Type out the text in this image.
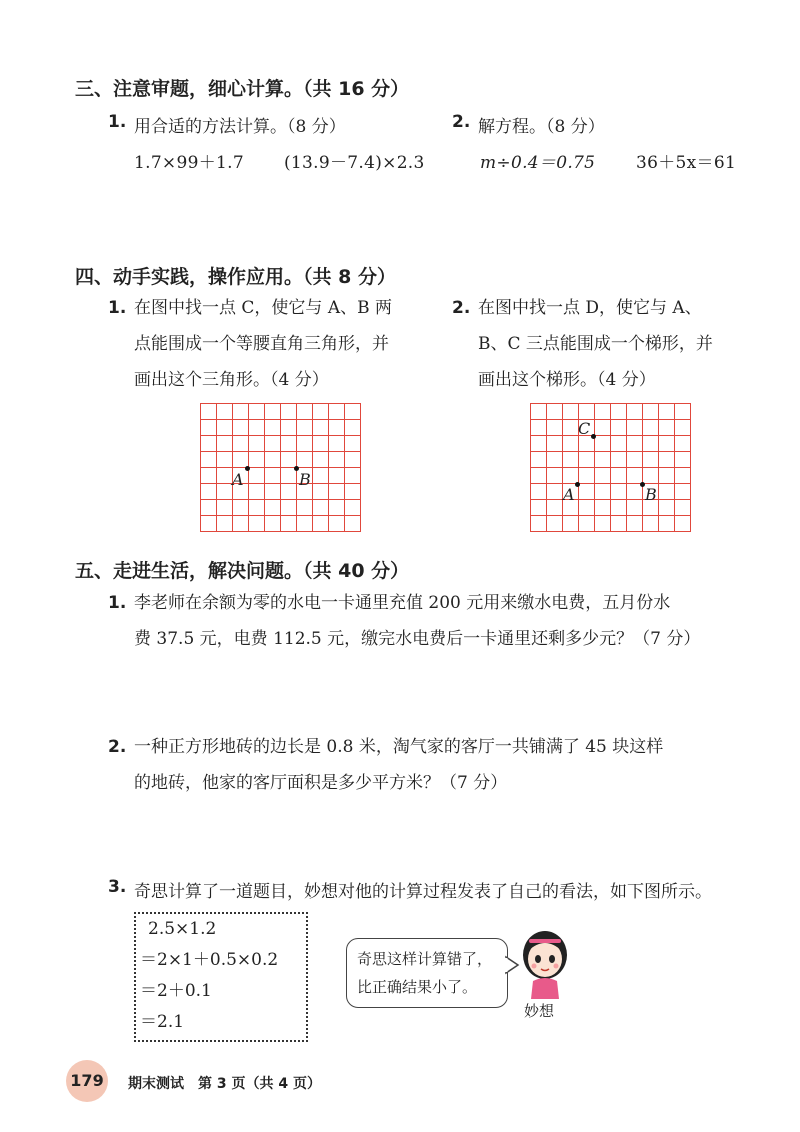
三、注意审题，细心计算。（共 16 分）
1. 用合适的方法计算。（8 分）	2. 解方程。（8 分）
1.7×99＋1.7 (13.9－7.4)×2.3	m÷0.4＝0.75 36＋5x＝61
四、动手实践，操作应用。（共 8 分）
1. 在图中找一点 C，使它与 A、B 两
点能围成一个等腰直角三角形，并
画出这个三角形。（4 分）
2. 在图中找一点 D，使它与 A、
B、C 三点能围成一个梯形，并
画出这个梯形。（4 分）
A	B
C
A	B
五、走进生活，解决问题。（共 40 分）
1. 李老师在余额为零的水电一卡通里充值 200 元用来缴水电费，五月份水
费 37.5 元，电费 112.5 元，缴完水电费后一卡通里还剩多少元？（7 分）
2. 一种正方形地砖的边长是 0.8 米，淘气家的客厅一共铺满了 45 块这样
的地砖，他家的客厅面积是多少平方米？（7 分）
3. 奇思计算了一道题目，妙想对他的计算过程发表了自己的看法，如下图所示。
2.5×1.2
＝2×1＋0.5×0.2
＝2＋0.1
＝2.1
奇思这样计算错了，
比正确结果小了。
妙想
179	期末测试　第 3 页（共 4 页）
